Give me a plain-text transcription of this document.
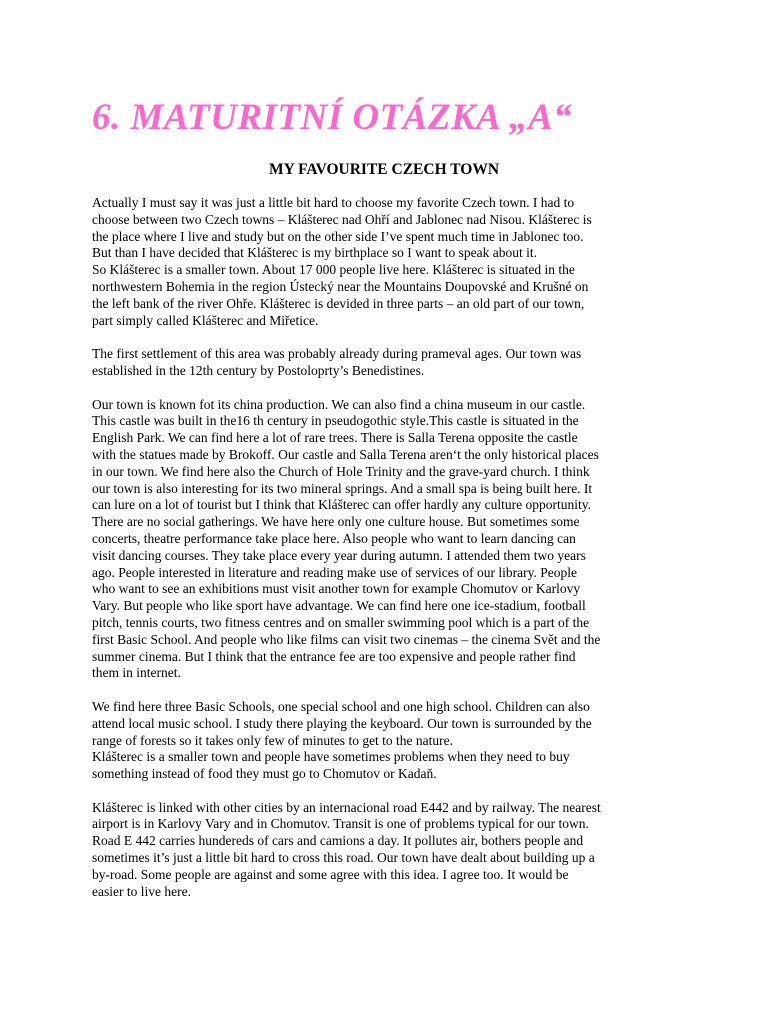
6. MATURITNÍ OTÁZKA „A“
MY FAVOURITE CZECH TOWN

Actually I must say it was just a little bit hard to choose my favorite Czech town. I had to
choose between two Czech towns – Klášterec nad Ohří and Jablonec nad Nisou. Klášterec is
the place where I live and study but on the other side I’ve spent much time in Jablonec too.
But than I have decided that Klášterec is my birthplace so I want to speak about it.
So Klášterec is a smaller town. About 17 000 people live here. Klášterec is situated in the
northwestern Bohemia in the region Ústecký near the Mountains Doupovské and Krušné on
the left bank of the river Ohře. Klášterec is devided in three parts – an old part of our town,
part simply called Klášterec and Miřetice.

The first settlement of this area was probably already during prameval ages. Our town was
established in the 12th century by Postoloprty’s Benedistines.

Our town is known fot its china production. We can also find a china museum in our castle.
This castle was built in the16 th century in pseudogothic style.This castle is situated in the
English Park. We can find here a lot of rare trees. There is Salla Terena opposite the castle
with the statues made by Brokoff. Our castle and Salla Terena aren‘t the only historical places
in our town. We find here also the Church of Hole Trinity and the grave-yard church. I think
our town is also interesting for its two mineral springs. And a small spa is being built here. It
can lure on a lot of tourist but I think that Klášterec can offer hardly any culture opportunity.
There are no social gatherings. We have here only one culture house. But sometimes some
concerts, theatre performance take place here. Also people who want to learn dancing can
visit dancing courses. They take place every year during autumn. I attended them two years
ago. People interested in literature and reading make use of services of our library. People
who want to see an exhibitions must visit another town for example Chomutov or Karlovy
Vary. But people who like sport have advantage. We can find here one ice-stadium, football
pitch, tennis courts, two fitness centres and on smaller swimming pool which is a part of the
first Basic School. And people who like films can visit two cinemas – the cinema Svět and the
summer cinema. But I think that the entrance fee are too expensive and people rather find
them in internet.

We find here three Basic Schools, one special school and one high school. Children can also
attend local music school. I study there playing the keyboard. Our town is surrounded by the
range of forests so it takes only few of minutes to get to the nature.
Klášterec is a smaller town and people have sometimes problems when they need to buy
something instead of food they must go to Chomutov or Kadaň.

Klášterec is linked with other cities by an internacional road E442 and by railway. The nearest
airport is in Karlovy Vary and in Chomutov. Transit is one of problems typical for our town.
Road E 442 carries hundereds of cars and camions a day. It pollutes air, bothers people and
sometimes it’s just a little bit hard to cross this road. Our town have dealt about building up a
by-road. Some people are against and some agree with this idea. I agree too. It would be
easier to live here.
